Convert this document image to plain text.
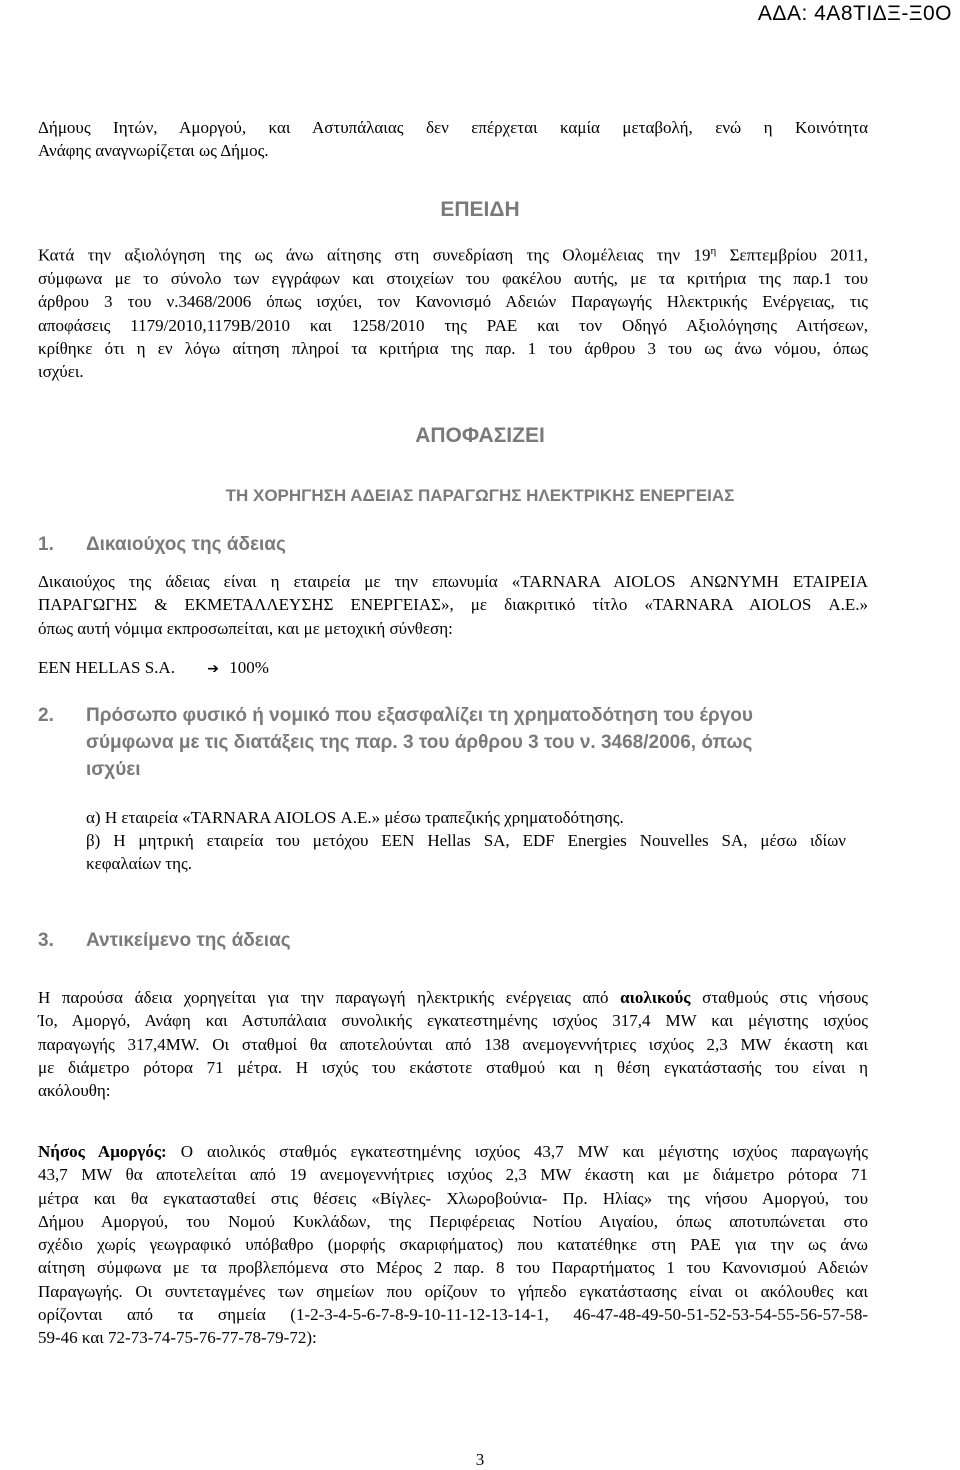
ΑΔΑ: 4Α8ΤΙΔΞ-Ξ0Ο
Δήμους Ιητών, Αμοργού, και Αστυπάλαιας δεν επέρχεται καμία μεταβολή, ενώ η Κοινότητα
Ανάφης αναγνωρίζεται ως Δήμος.
ΕΠΕΙΔΗ
Κατά την αξιολόγηση της ως άνω αίτησης στη συνεδρίαση της Ολομέλειας την $19^\eta$ Σεπτεμβρίου 2011,
σύμφωνα με το σύνολο των εγγράφων και στοιχείων του φακέλου αυτής, με τα κριτήρια της παρ.1 του
άρθρου 3 του ν.3468/2006 όπως ισχύει, τον Κανονισμό Αδειών Παραγωγής Ηλεκτρικής Ενέργειας, τις
αποφάσεις 1179/2010,1179Β/2010 και 1258/2010 της ΡΑΕ και τον Οδηγό Αξιολόγησης Αιτήσεων,
κρίθηκε ότι η εν λόγω αίτηση πληροί τα κριτήρια της παρ. 1 του άρθρου 3 του ως άνω νόμου, όπως
ισχύει.
ΑΠΟΦΑΣΙΖΕΙ
ΤΗ ΧΟΡΗΓΗΣΗ ΑΔΕΙΑΣ ΠΑΡΑΓΩΓΗΣ ΗΛΕΚΤΡΙΚΗΣ ΕΝΕΡΓΕΙΑΣ
1. Δικαιούχος της άδειας
Δικαιούχος της άδειας είναι η εταιρεία με την επωνυμία «TARNARA AIOLOS ΑΝΩΝΥΜΗ ΕΤΑΙΡΕΙΑ
ΠΑΡΑΓΩΓΗΣ & ΕΚΜΕΤΑΛΛΕΥΣΗΣ ΕΝΕΡΓΕΙΑΣ», με διακριτικό τίτλο «TARNARA AIOLOS Α.Ε.»
όπως αυτή νόμιμα εκπροσωπείται, και με μετοχική σύνθεση:
EEN HELLAS S.A. ➔ 100%
2. Πρόσωπο φυσικό ή νομικό που εξασφαλίζει τη χρηματοδότηση του έργου
σύμφωνα με τις διατάξεις της παρ. 3 του άρθρου 3 του ν. 3468/2006, όπως
ισχύει
α) Η εταιρεία «TARNARA AIOLOS Α.Ε.» μέσω τραπεζικής χρηματοδότησης.
β) Η μητρική εταιρεία του μετόχου EEN Hellas SA, EDF Energies Nouvelles SA, μέσω ιδίων
κεφαλαίων της.
3. Αντικείμενο της άδειας
Η παρούσα άδεια χορηγείται για την παραγωγή ηλεκτρικής ενέργειας από αιολικούς σταθμούς στις νήσους
Ίο, Αμοργό, Ανάφη και Αστυπάλαια συνολικής εγκατεστημένης ισχύος 317,4 MW και μέγιστης ισχύος
παραγωγής 317,4MW. Οι σταθμοί θα αποτελούνται από 138 ανεμογεννήτριες ισχύος 2,3 MW έκαστη και
με διάμετρο ρότορα 71 μέτρα. Η ισχύς του εκάστοτε σταθμού και η θέση εγκατάστασής του είναι η
ακόλουθη:
Νήσος Αμοργός: Ο αιολικός σταθμός εγκατεστημένης ισχύος 43,7 MW και μέγιστης ισχύος παραγωγής
43,7 MW θα αποτελείται από 19 ανεμογεννήτριες ισχύος 2,3 MW έκαστη και με διάμετρο ρότορα 71
μέτρα και θα εγκατασταθεί στις θέσεις «Βίγλες- Χλωροβούνια- Πρ. Ηλίας» της νήσου Αμοργού, του
Δήμου Αμοργού, του Νομού Κυκλάδων, της Περιφέρειας Νοτίου Αιγαίου, όπως αποτυπώνεται στο
σχέδιο χωρίς γεωγραφικό υπόβαθρο (μορφής σκαριφήματος) που κατατέθηκε στη ΡΑΕ για την ως άνω
αίτηση σύμφωνα με τα προβλεπόμενα στο Μέρος 2 παρ. 8 του Παραρτήματος 1 του Κανονισμού Αδειών
Παραγωγής. Οι συντεταγμένες των σημείων που ορίζουν το γήπεδο εγκατάστασης είναι οι ακόλουθες και
ορίζονται από τα σημεία (1-2-3-4-5-6-7-8-9-10-11-12-13-14-1, 46-47-48-49-50-51-52-53-54-55-56-57-58-
59-46 και 72-73-74-75-76-77-78-79-72):
3
